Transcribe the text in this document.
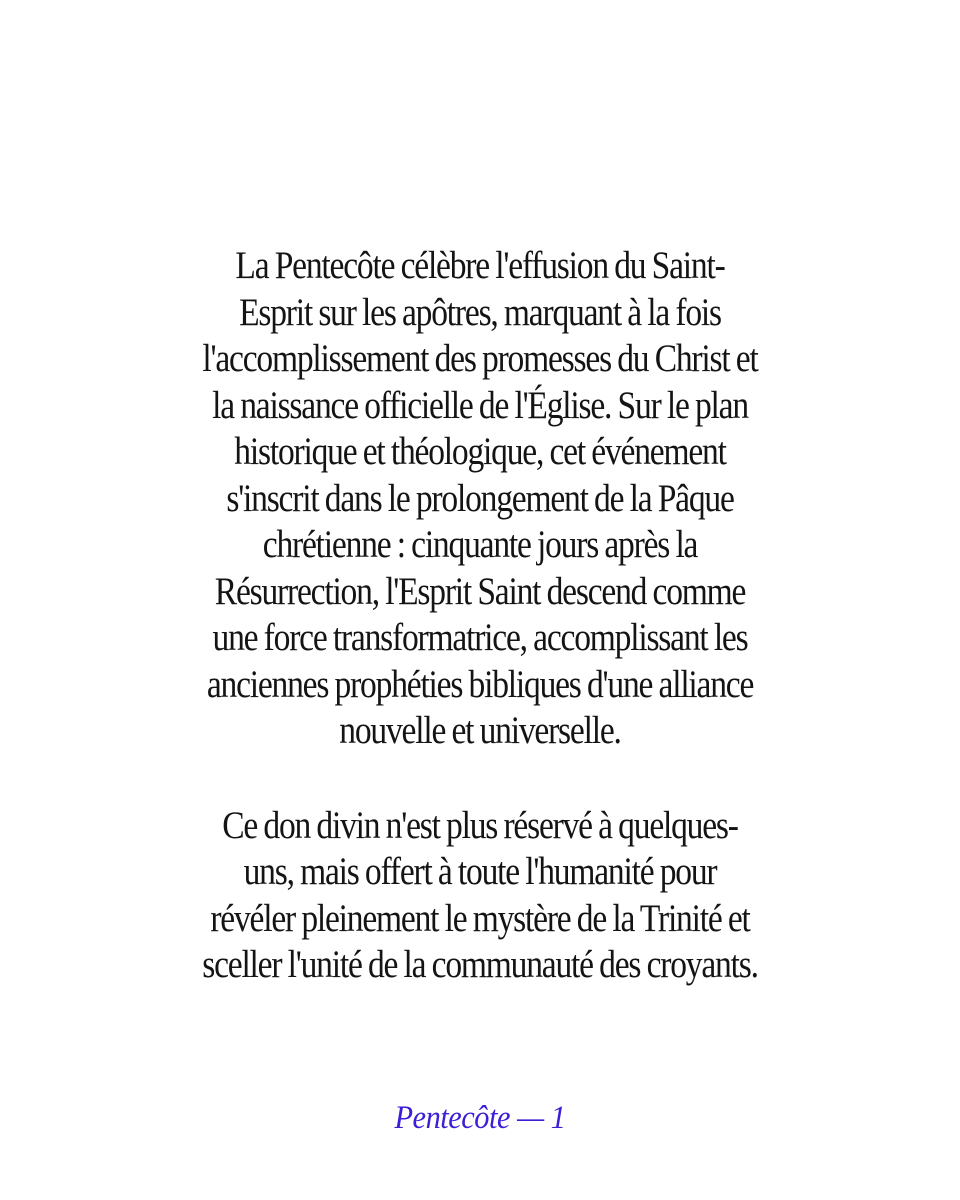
La Pentecôte célèbre l'effusion du Saint-
Esprit sur les apôtres, marquant à la fois
l'accomplissement des promesses du Christ et
la naissance officielle de l'Église. Sur le plan
historique et théologique, cet événement
s'inscrit dans le prolongement de la Pâque
chrétienne : cinquante jours après la
Résurrection, l'Esprit Saint descend comme
une force transformatrice, accomplissant les
anciennes prophéties bibliques d'une alliance
nouvelle et universelle.
Ce don divin n'est plus réservé à quelques-
uns, mais offert à toute l'humanité pour
révéler pleinement le mystère de la Trinité et
sceller l'unité de la communauté des croyants.
Pentecôte — 1
